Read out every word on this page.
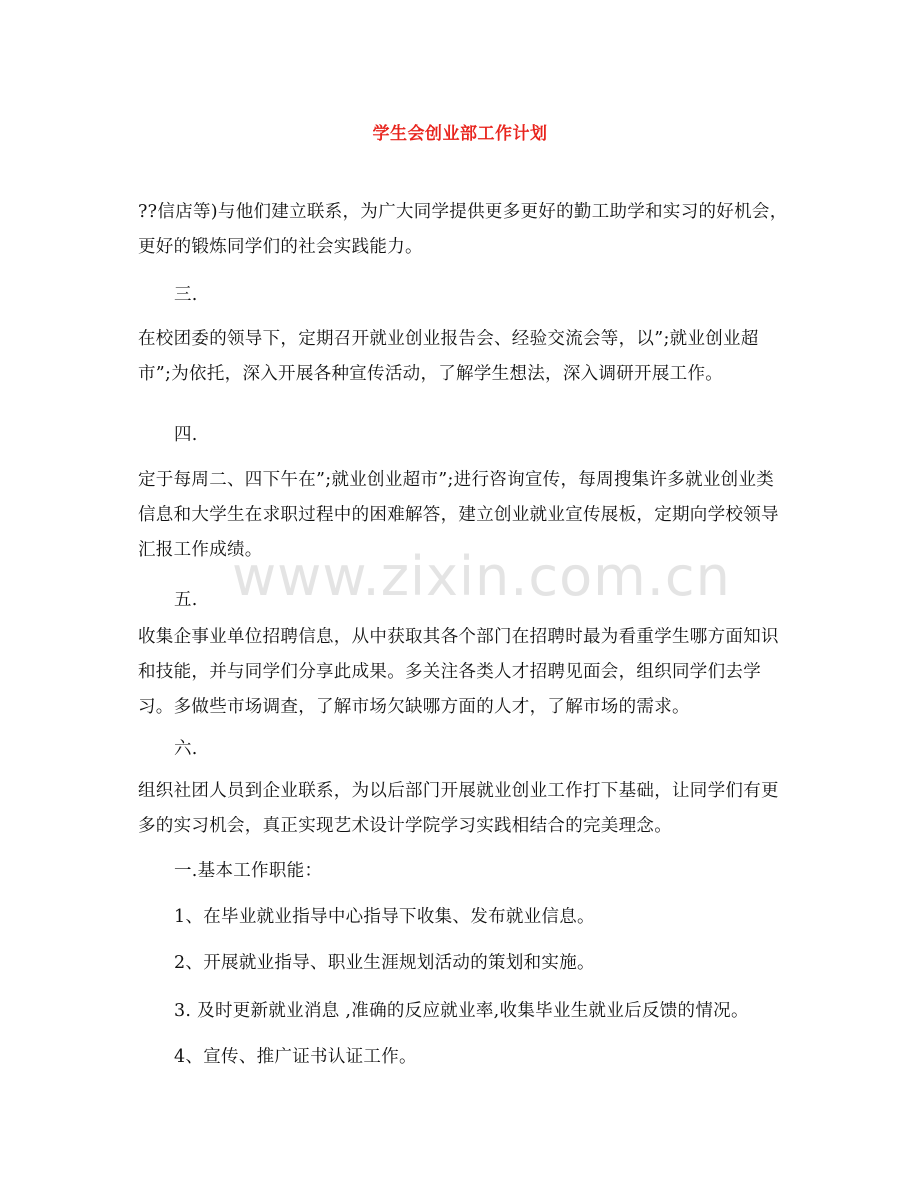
学生会创业部工作计划
www.zixin.com.cn

??信店等)与他们建立联系，为广大同学提供更多更好的勤工助学和实习的好机会，更好的锻炼同学们的社会实践能力。

三.

在校团委的领导下，定期召开就业创业报告会、经验交流会等，以”;就业创业超市”;为依托，深入开展各种宣传活动，了解学生想法，深入调研开展工作。

四.

定于每周二、四下午在”;就业创业超市”;进行咨询宣传，每周搜集许多就业创业类信息和大学生在求职过程中的困难解答，建立创业就业宣传展板，定期向学校领导汇报工作成绩。

五.

收集企事业单位招聘信息，从中获取其各个部门在招聘时最为看重学生哪方面知识和技能，并与同学们分享此成果。多关注各类人才招聘见面会，组织同学们去学习。多做些市场调查，了解市场欠缺哪方面的人才，了解市场的需求。

六.

组织社团人员到企业联系，为以后部门开展就业创业工作打下基础，让同学们有更多的实习机会，真正实现艺术设计学院学习实践相结合的完美理念。

一.基本工作职能：

1、在毕业就业指导中心指导下收集、发布就业信息。

2、开展就业指导、职业生涯规划活动的策划和实施。

3. 及时更新就业消息 ,准确的反应就业率,收集毕业生就业后反馈的情况。

4、宣传、推广证书认证工作。
